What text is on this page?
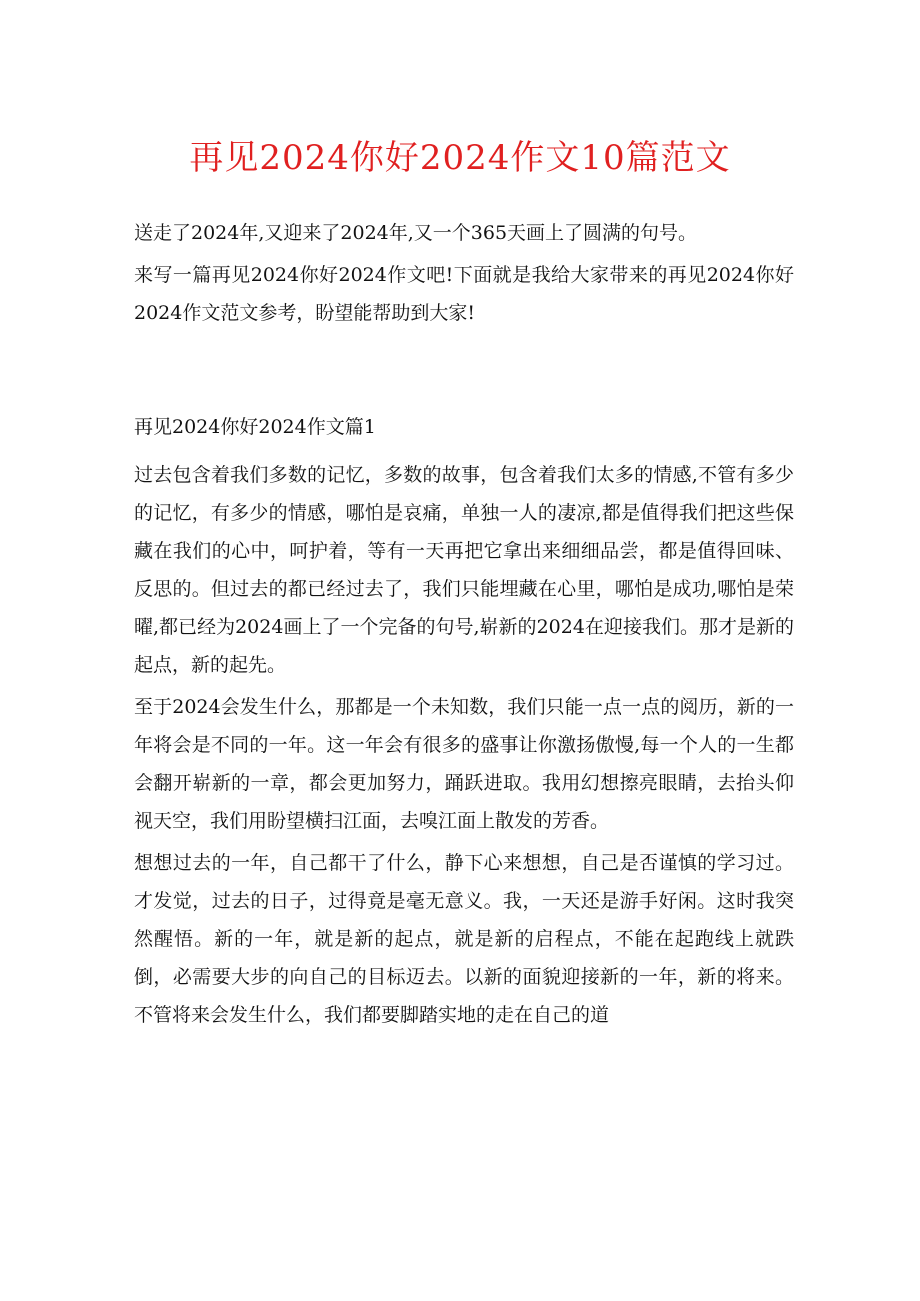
再见2024你好2024作文10篇范文

送走了2024年,又迎来了2024年,又一个365天画上了圆满的句号。

来写一篇再见2024你好2024作文吧!下面就是我给大家带来的再见2024你好2024作文范文参考，盼望能帮助到大家!

再见2024你好2024作文篇1

过去包含着我们多数的记忆，多数的故事，包含着我们太多的情感,不管有多少的记忆，有多少的情感，哪怕是哀痛，单独一人的凄凉,都是值得我们把这些保藏在我们的心中，呵护着，等有一天再把它拿出来细细品尝，都是值得回味、反思的。但过去的都已经过去了，我们只能埋藏在心里，哪怕是成功,哪怕是荣曜,都已经为2024画上了一个完备的句号,崭新的2024在迎接我们。那才是新的起点，新的起先。

至于2024会发生什么，那都是一个未知数，我们只能一点一点的阅历，新的一年将会是不同的一年。这一年会有很多的盛事让你激扬傲慢,每一个人的一生都会翻开崭新的一章，都会更加努力，踊跃进取。我用幻想擦亮眼睛，去抬头仰视天空，我们用盼望横扫江面，去嗅江面上散发的芳香。

想想过去的一年，自己都干了什么，静下心来想想，自己是否谨慎的学习过。才发觉，过去的日子，过得竟是毫无意义。我，一天还是游手好闲。这时我突然醒悟。新的一年，就是新的起点，就是新的启程点，不能在起跑线上就跌倒，必需要大步的向自己的目标迈去。以新的面貌迎接新的一年，新的将来。不管将来会发生什么，我们都要脚踏实地的走在自己的道
